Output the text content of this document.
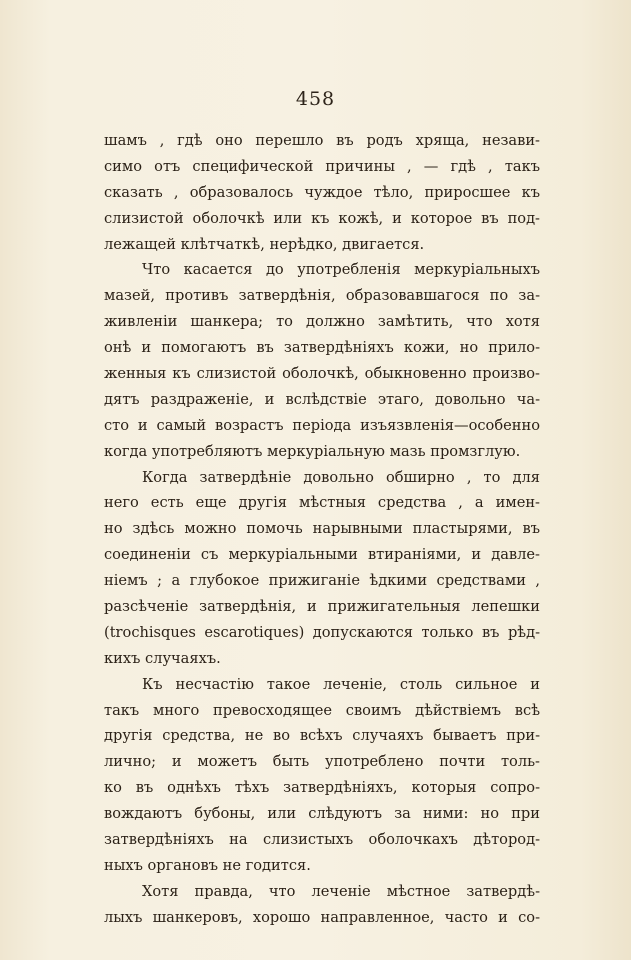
458
шамъ , гдѣ оно перешло въ родъ хряща, незави-
симо отъ специфической причины , — гдѣ , такъ
сказать , образовалось чуждое тѣло, приросшее къ
слизистой оболочкѣ или къ кожѣ, и которое въ под-
лежащей клѣтчаткѣ, нерѣдко, двигается.
Что касается до употребленія меркуріальныхъ
мазей, противъ затвердѣнія, образовавшагося по за-
живленіи шанкера; то должно замѣтить, что хотя
онѣ и помогаютъ въ затвердѣніяхъ кожи, но прило-
женныя къ слизистой оболочкѣ, обыкновенно произво-
дятъ раздраженіе, и вслѣдствіе этаго, довольно ча-
сто и самый возрастъ періода изъязвленія—особенно
когда употребляютъ меркуріальную мазь промзглую.
Когда затвердѣніе довольно обширно , то для
него есть еще другія мѣстныя средства , а имен-
но здѣсь можно помочь нарывными пластырями, въ
соединеніи съ меркуріальными втираніями, и давле-
ніемъ ; а глубокое прижиганіе ѣдкими средствами ,
разсѣченіе затвердѣнія, и прижигательныя лепешки
(trochisques escarotiques) допускаются только въ рѣд-
кихъ случаяхъ.
Къ несчастію такое леченіе, столь сильное и
такъ много превосходящее своимъ дѣйствіемъ всѣ
другія средства, не во всѣхъ случаяхъ бываетъ при-
лично; и можетъ быть употреблено почти толь-
ко въ однѣхъ тѣхъ затвердѣніяхъ, которыя сопро-
вождаютъ бубоны, или слѣдуютъ за ними: но при
затвердѣніяхъ на слизистыхъ оболочкахъ дѣтород-
ныхъ органовъ не годится.
Хотя правда, что леченіе мѣстное затвердѣ-
лыхъ шанкеровъ, хорошо направленное, часто и со-
